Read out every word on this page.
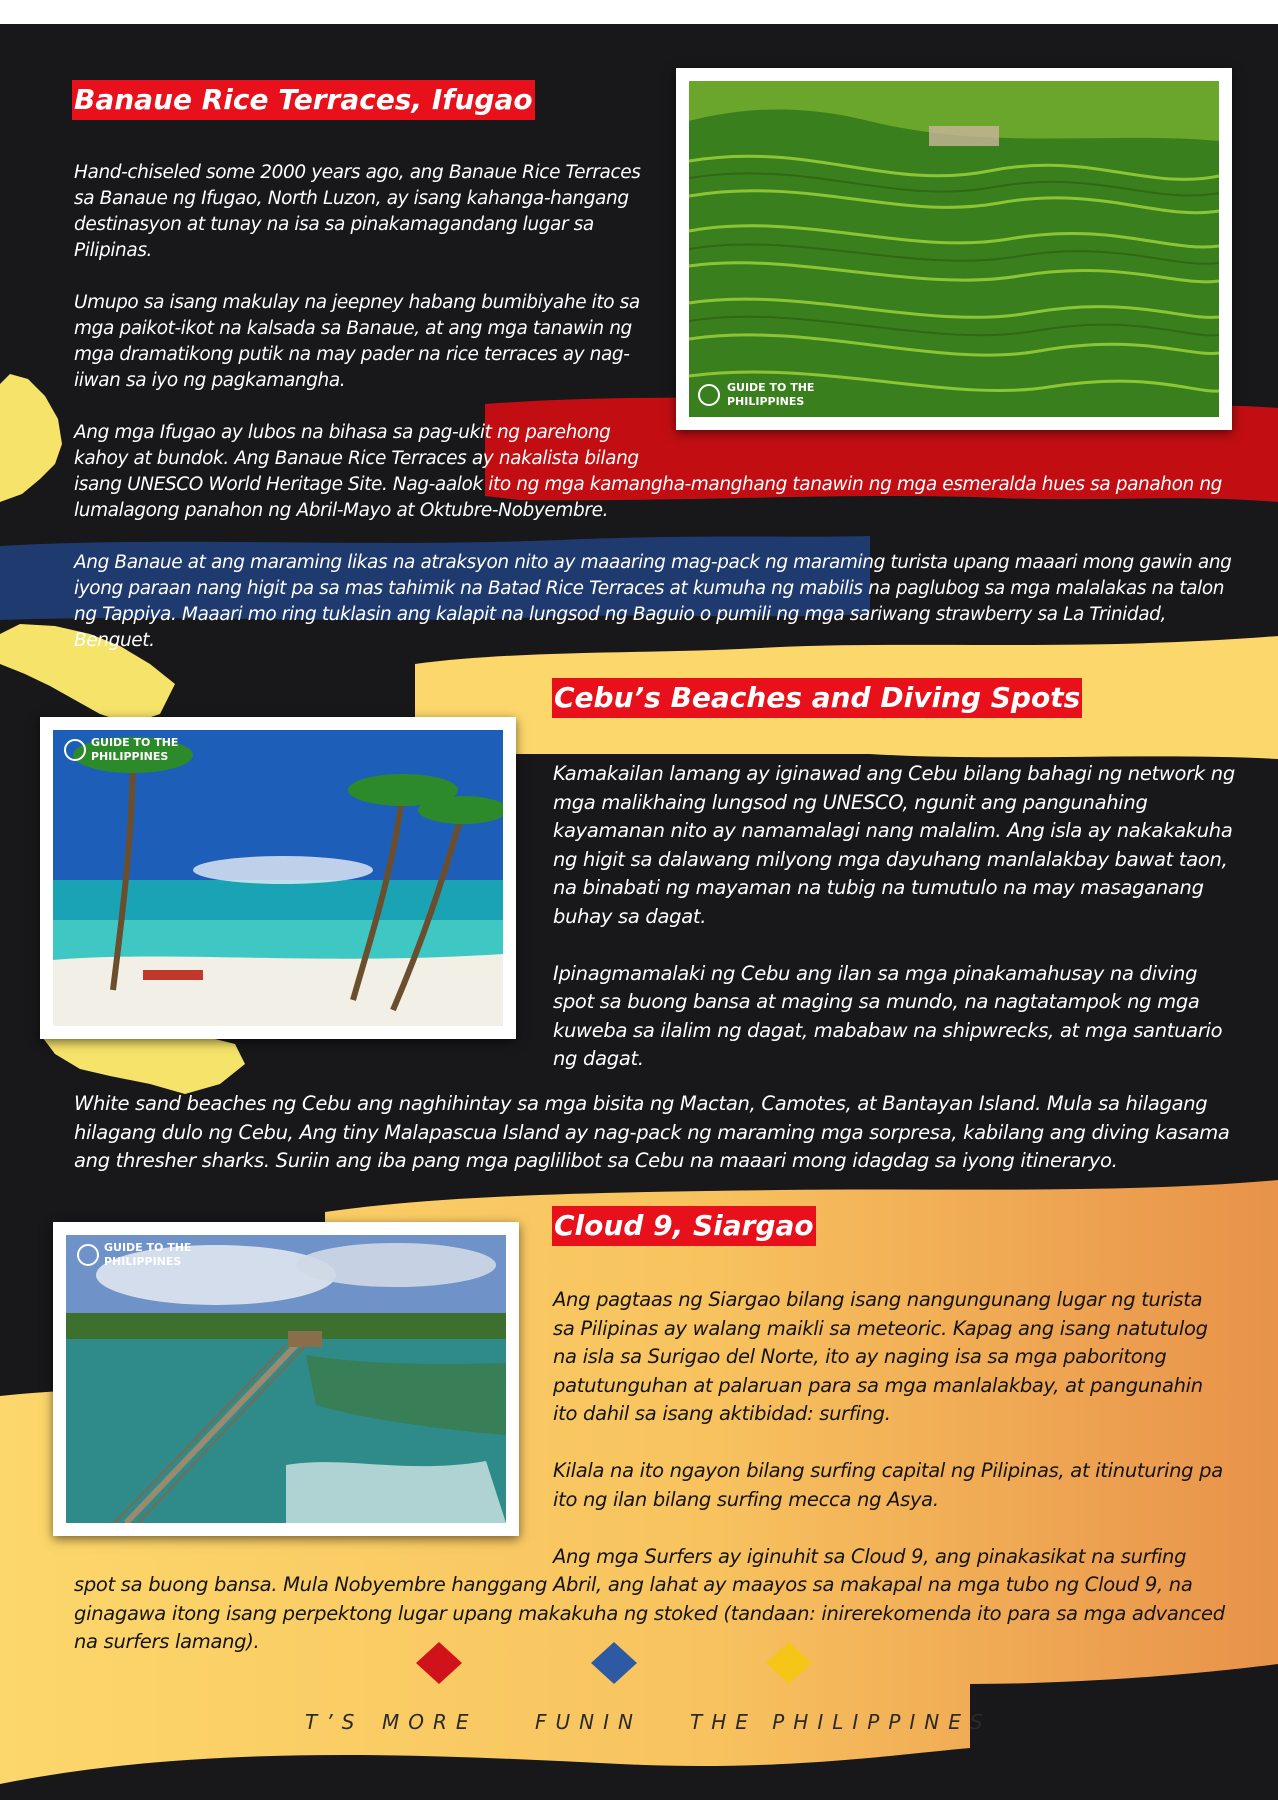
Banaue Rice Terraces, Ifugao
GUIDE TO THE
PHILIPPINES
Hand-chiseled some 2000 years ago, ang Banaue Rice Terraces
sa Banaue ng Ifugao, North Luzon, ay isang kahanga-hangang
destinasyon at tunay na isa sa pinakamagandang lugar sa
Pilipinas.

Umupo sa isang makulay na jeepney habang bumibiyahe ito sa
mga paikot-ikot na kalsada sa Banaue, at ang mga tanawin ng
mga dramatikong putik na may pader na rice terraces ay nag-
iiwan sa iyo ng pagkamangha.

Ang mga Ifugao ay lubos na bihasa sa pag-ukit ng parehong
kahoy at bundok. Ang Banaue Rice Terraces ay nakalista bilang
isang UNESCO World Heritage Site. Nag-aalok ito ng mga kamangha-manghang tanawin ng mga esmeralda hues sa panahon ng
lumalagong panahon ng Abril-Mayo at Oktubre-Nobyembre.

Ang Banaue at ang maraming likas na atraksyon nito ay maaaring mag-pack ng maraming turista upang maaari mong gawin ang
iyong paraan nang higit pa sa mas tahimik na Batad Rice Terraces at kumuha ng mabilis na paglubog sa mga malalakas na talon
ng Tappiya. Maaari mo ring tuklasin ang kalapit na lungsod ng Baguio o pumili ng mga sariwang strawberry sa La Trinidad,
Benguet.
Cebu’s Beaches and Diving Spots
GUIDE TO THE
PHILIPPINES
Kamakailan lamang ay iginawad ang Cebu bilang bahagi ng network ng
mga malikhaing lungsod ng UNESCO, ngunit ang pangunahing
kayamanan nito ay namamalagi nang malalim. Ang isla ay nakakakuha
ng higit sa dalawang milyong mga dayuhang manlalakbay bawat taon,
na binabati ng mayaman na tubig na tumutulo na may masaganang
buhay sa dagat.

Ipinagmamalaki ng Cebu ang ilan sa mga pinakamahusay na diving
spot sa buong bansa at maging sa mundo, na nagtatampok ng mga
kuweba sa ilalim ng dagat, mababaw na shipwrecks, at mga santuario
ng dagat.
White sand beaches ng Cebu ang naghihintay sa mga bisita ng Mactan, Camotes, at Bantayan Island. Mula sa hilagang
hilagang dulo ng Cebu, Ang tiny Malapascua Island ay nag-pack ng maraming mga sorpresa, kabilang ang diving kasama
ang thresher sharks. Suriin ang iba pang mga paglilibot sa Cebu na maaari mong idagdag sa iyong itineraryo.
Cloud 9, Siargao
GUIDE TO THE
PHILIPPINES
Ang pagtaas ng Siargao bilang isang nangungunang lugar ng turista
sa Pilipinas ay walang maikli sa meteoric. Kapag ang isang natutulog
na isla sa Surigao del Norte, ito ay naging isa sa mga paboritong
patutunguhan at palaruan para sa mga manlalakbay, at pangunahin
ito dahil sa isang aktibidad: surfing.

Kilala na ito ngayon bilang surfing capital ng Pilipinas, at itinuturing pa
ito ng ilan bilang surfing mecca ng Asya.

Ang mga Surfers ay iginuhit sa Cloud 9, ang pinakasikat na surfing
spot sa buong bansa. Mula Nobyembre hanggang Abril, ang lahat ay maayos sa makapal na mga tubo ng Cloud 9, na
ginagawa itong isang perpektong lugar upang makakuha ng stoked (tandaan: inirerekomenda ito para sa mga advanced
na surfers lamang).
T’S MORE	FUNIN THE PHILIPPINES
